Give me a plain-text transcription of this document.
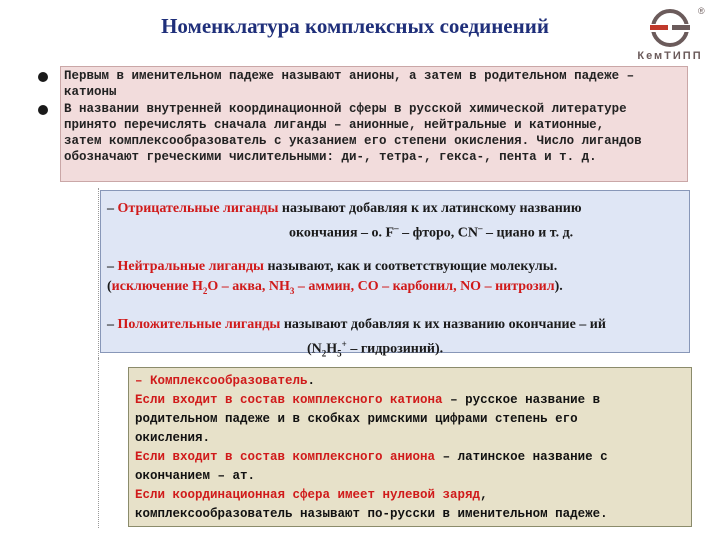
Номенклатура комплексных соединений
®
КемТИПП
Первым в именительном падеже называют анионы, а затем в родительном падеже –
катионы
В названии внутренней координационной сферы в русской химической литературе
принято перечислять сначала лиганды – анионные, нейтральные и катионные,
затем комплексообразователь с указанием его степени окисления. Число лигандов
обозначают греческими числительными: ди-, тетра-, гекса-, пента и т. д.
– Отрицательные лиганды называют добавляя к их латинскому названию
окончания – о. F– – фторо, CN– – циано и т. д.
– Нейтральные лиганды называют, как и соответствующие молекулы.
(исключение $H_2O$ – аква, $NH_3$ – аммин, CO – карбонил, NO – нитрозил).
– Положительные лиганды называют добавляя к их названию окончание – ий
($N_2H_5^+$ – гидрозиний).
– Комплексообразователь.
Если входит в состав комплексного катиона – русское название в
родительном падеже и в скобках римскими цифрами степень его
окисления.
Если входит в состав комплексного аниона – латинское название с
окончанием – ат.
Если координационная сфера имеет нулевой заряд,
комплексообразователь называют по-русски в именительном падеже.
